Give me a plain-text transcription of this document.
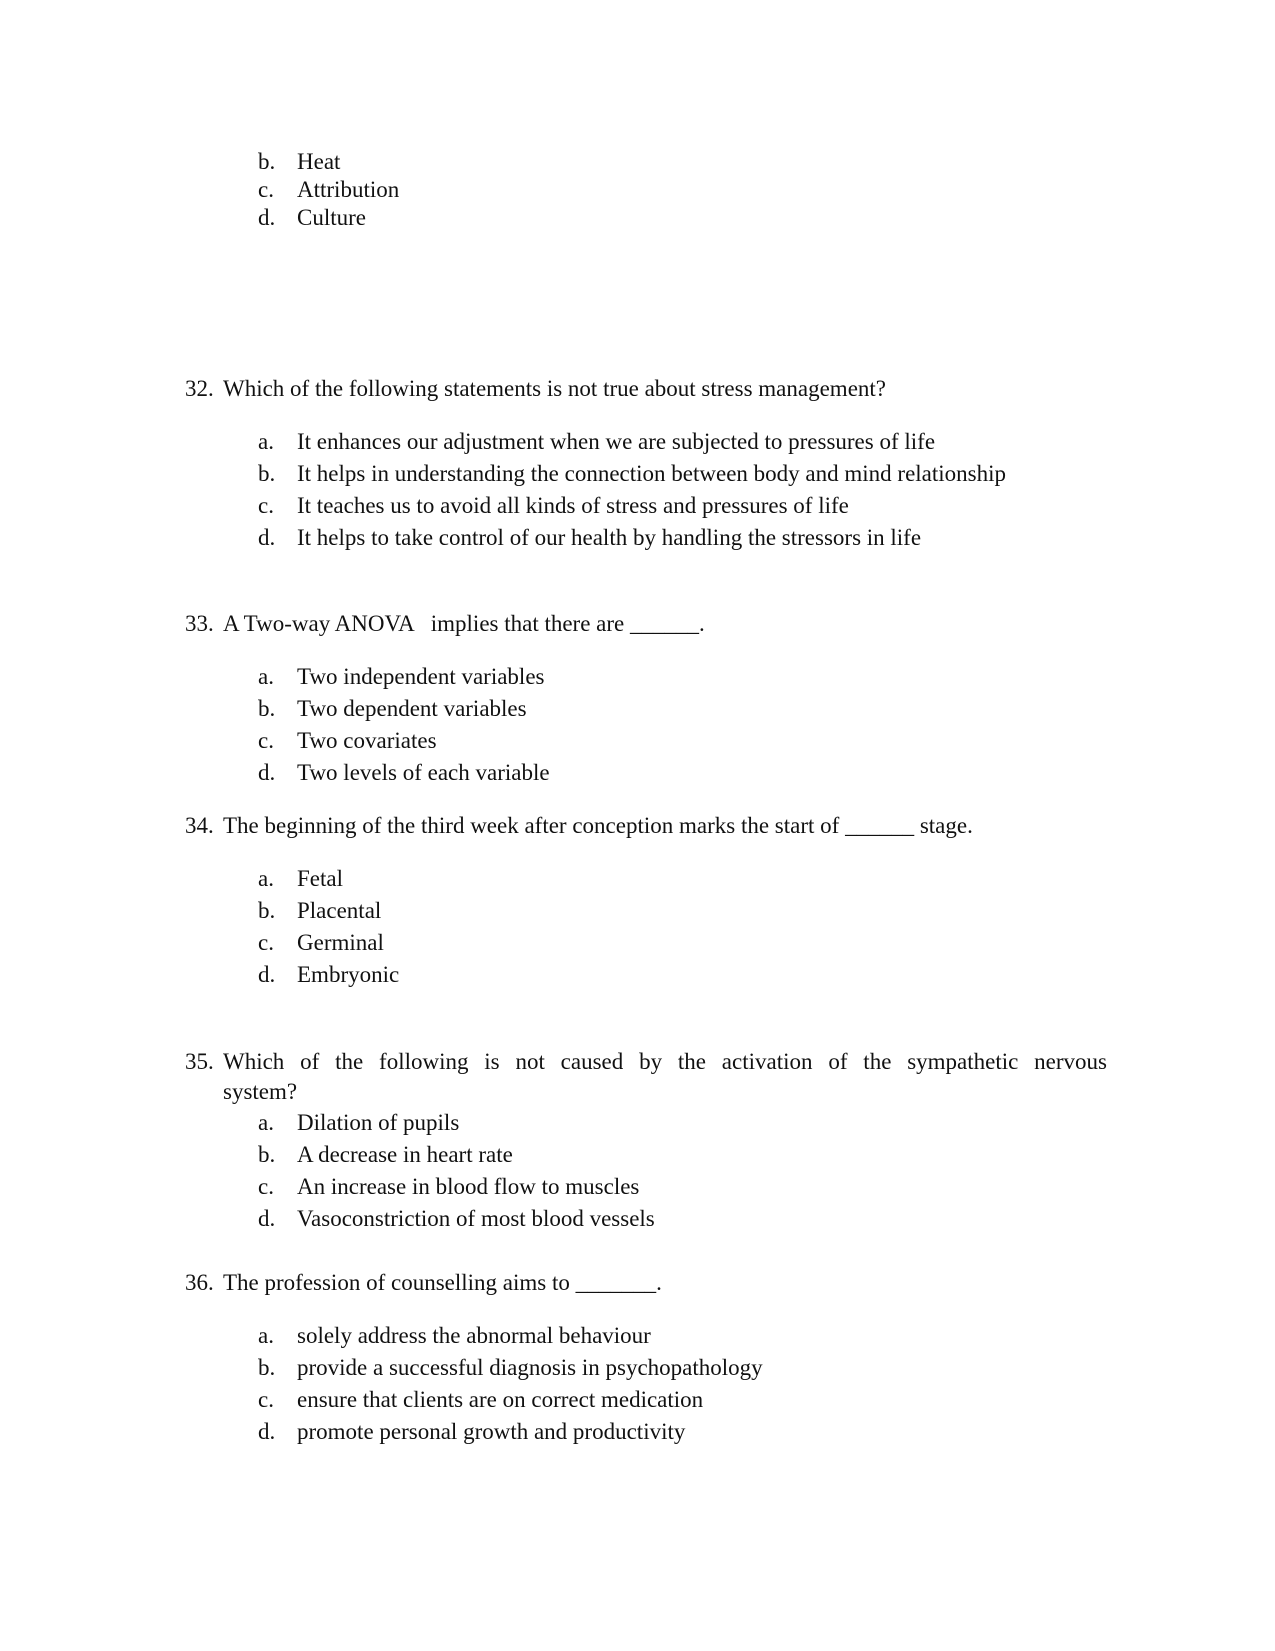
b. Heat
c. Attribution
d. Culture
32. Which of the following statements is not true about stress management?
a. It enhances our adjustment when we are subjected to pressures of life
b. It helps in understanding the connection between body and mind relationship
c. It teaches us to avoid all kinds of stress and pressures of life
d. It helps to take control of our health by handling the stressors in life
33. A Two-way ANOVA   implies that there are ______.
a. Two independent variables
b. Two dependent variables
c. Two covariates
d. Two levels of each variable
34. The beginning of the third week after conception marks the start of ______ stage.
a. Fetal
b. Placental
c. Germinal
d. Embryonic
35. Which of the following is not caused by the activation of the sympathetic nervous
system?
a. Dilation of pupils
b. A decrease in heart rate
c. An increase in blood flow to muscles
d. Vasoconstriction of most blood vessels
36. The profession of counselling aims to _______.
a. solely address the abnormal behaviour
b. provide a successful diagnosis in psychopathology
c. ensure that clients are on correct medication
d. promote personal growth and productivity
